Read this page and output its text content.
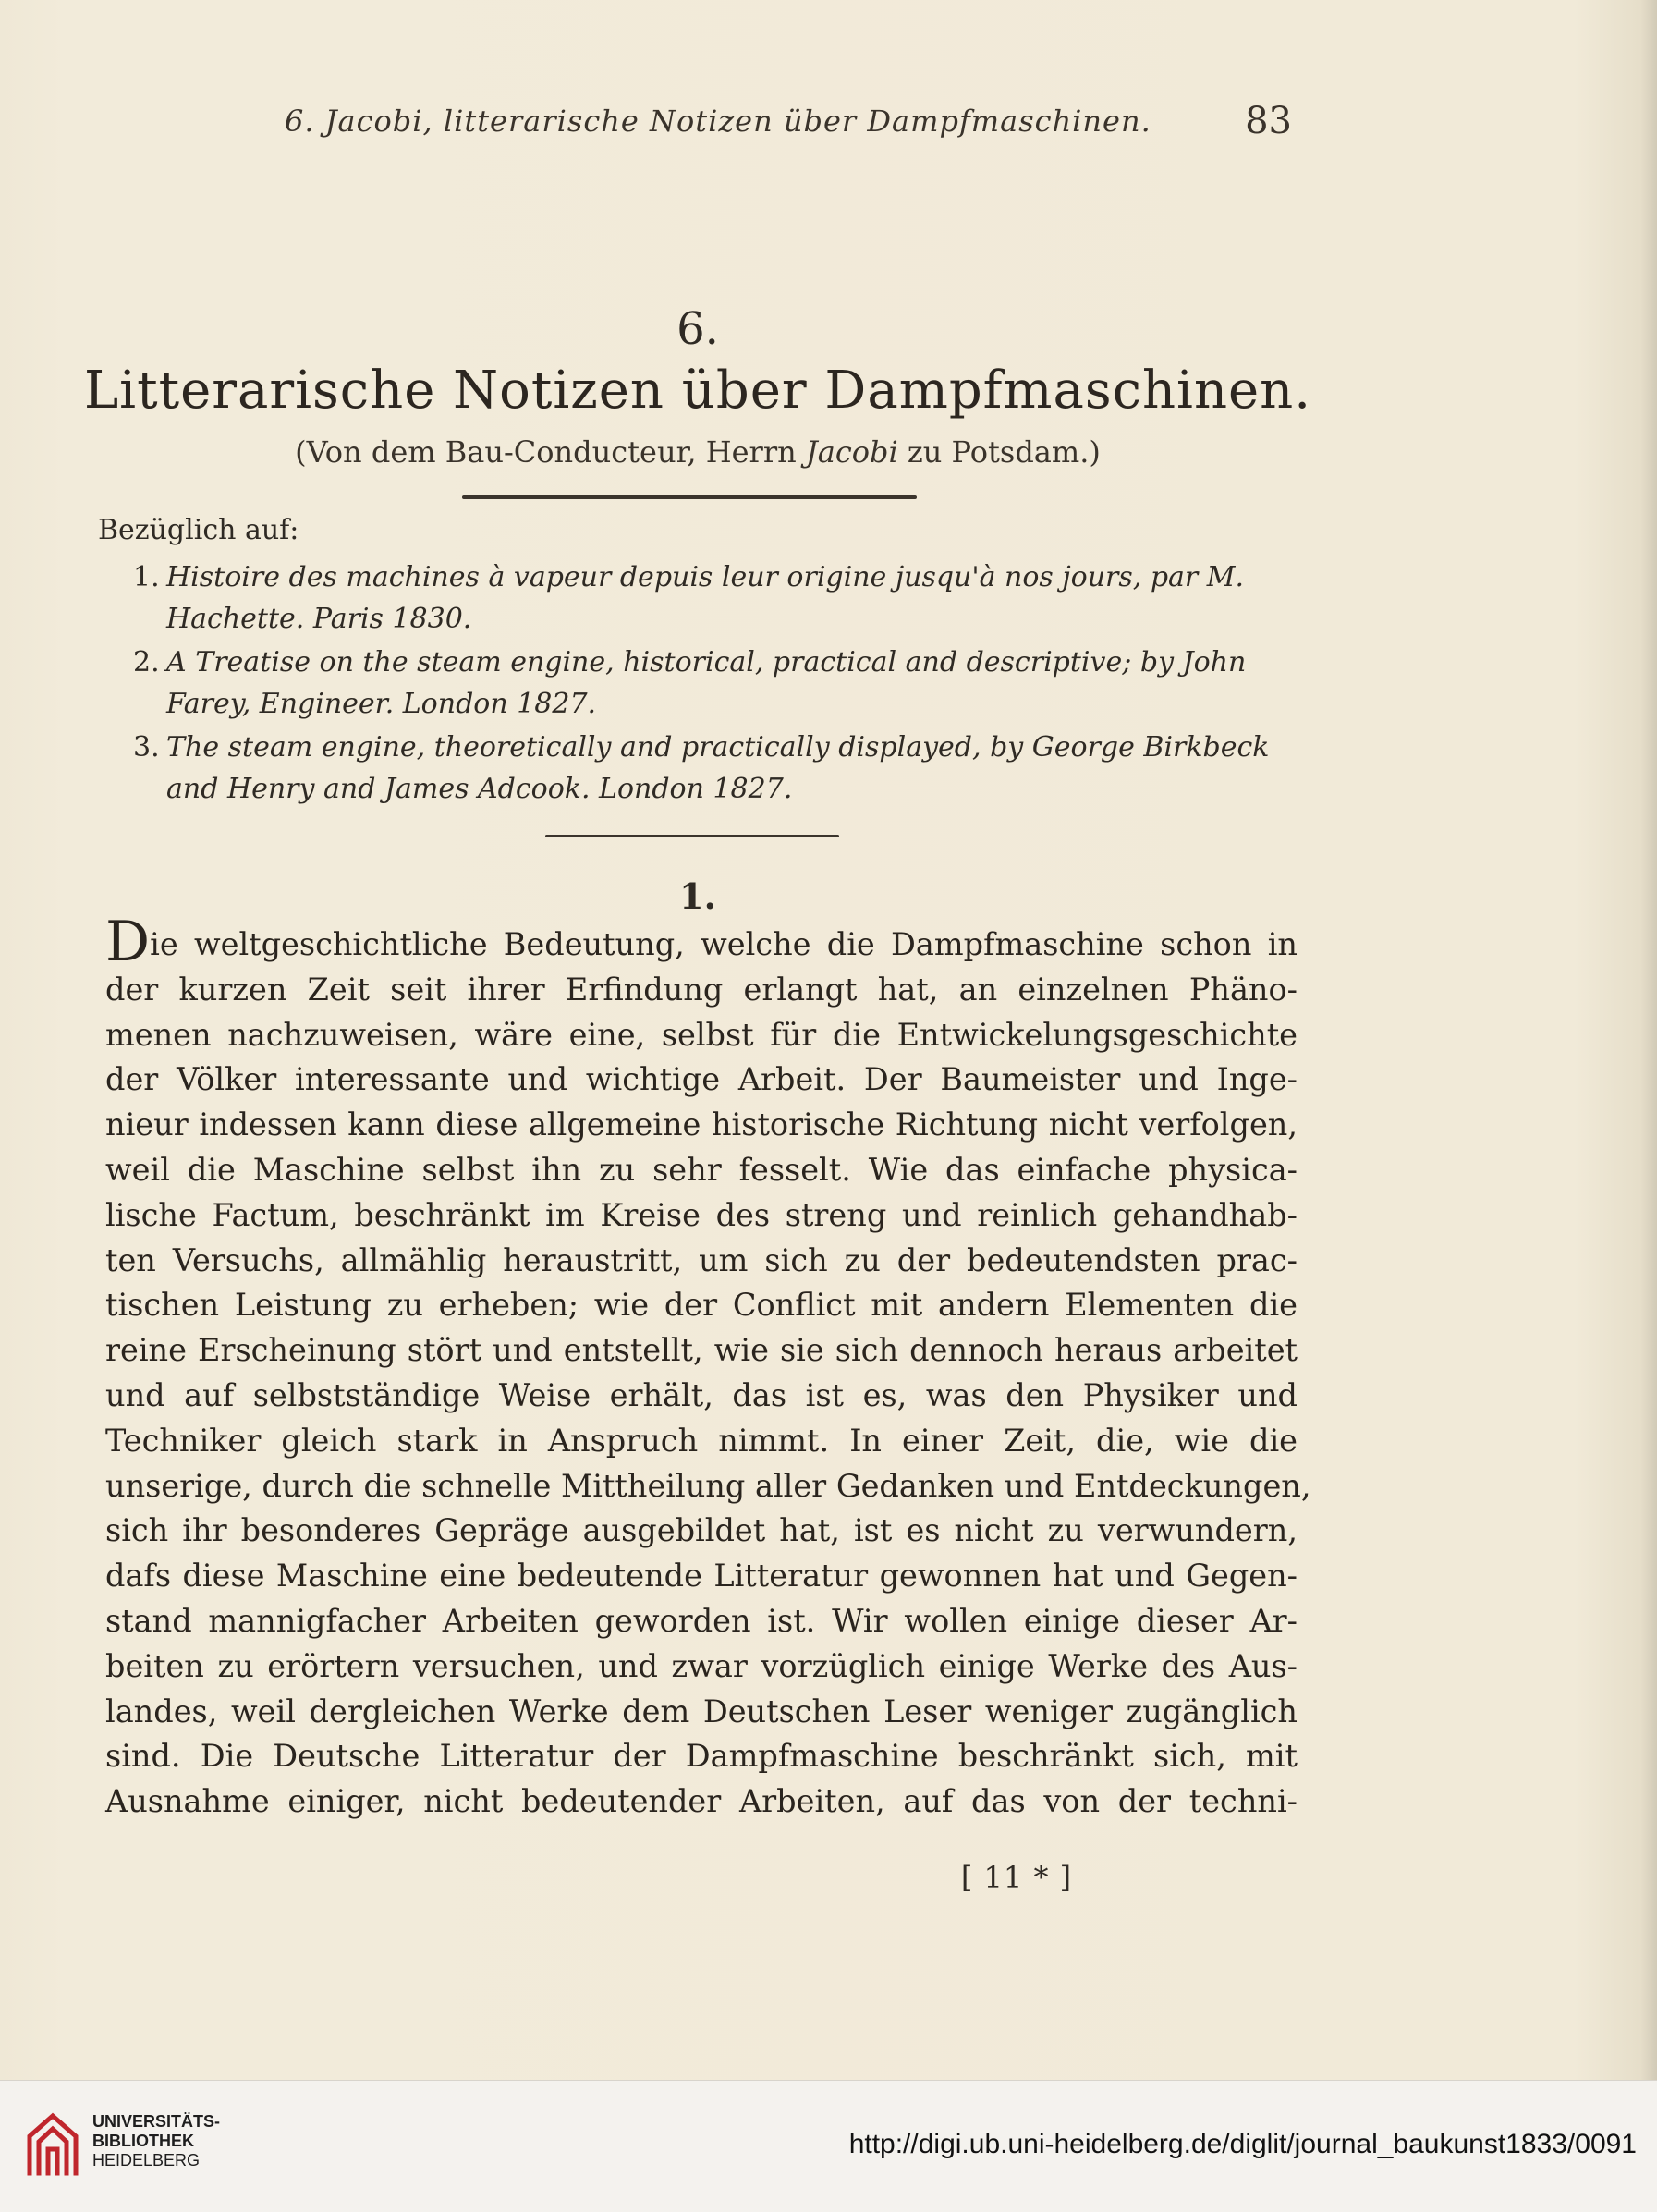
6. Jacobi, litterarische Notizen über Dampfmaschinen.	83
6.
Litterarische Notizen über Dampfmaschinen.
(Von dem Bau-Conducteur, Herrn Jacobi zu Potsdam.)
Bezüglich auf:
1. Histoire des machines à vapeur depuis leur origine jusqu'à nos jours, par M. Hachette. Paris 1830.
2. A Treatise on the steam engine, historical, practical and descriptive; by John Farey, Engineer. London 1827.
3. The steam engine, theoretically and practically displayed, by George Birkbeck and Henry and James Adcook. London 1827.
1.
Die weltgeschichtliche Bedeutung, welche die Dampfmaschine schon in
der kurzen Zeit seit ihrer Erfindung erlangt hat, an einzelnen Phäno-
menen nachzuweisen, wäre eine, selbst für die Entwickelungsgeschichte
der Völker interessante und wichtige Arbeit. Der Baumeister und Inge-
nieur indessen kann diese allgemeine historische Richtung nicht verfolgen,
weil die Maschine selbst ihn zu sehr fesselt. Wie das einfache physica-
lische Factum, beschränkt im Kreise des streng und reinlich gehandhab-
ten Versuchs, allmählig heraustritt, um sich zu der bedeutendsten prac-
tischen Leistung zu erheben; wie der Conflict mit andern Elementen die
reine Erscheinung stört und entstellt, wie sie sich dennoch heraus arbeitet
und auf selbstständige Weise erhält, das ist es, was den Physiker und
Techniker gleich stark in Anspruch nimmt. In einer Zeit, die, wie die
unserige, durch die schnelle Mittheilung aller Gedanken und Entdeckungen,
sich ihr besonderes Gepräge ausgebildet hat, ist es nicht zu verwundern,
dafs diese Maschine eine bedeutende Litteratur gewonnen hat und Gegen-
stand mannigfacher Arbeiten geworden ist. Wir wollen einige dieser Ar-
beiten zu erörtern versuchen, und zwar vorzüglich einige Werke des Aus-
landes, weil dergleichen Werke dem Deutschen Leser weniger zugänglich
sind. Die Deutsche Litteratur der Dampfmaschine beschränkt sich, mit
Ausnahme einiger, nicht bedeutender Arbeiten, auf das von der techni-
[ 11 * ]
UNIVERSITÄTS-
BIBLIOTHEK
HEIDELBERG
http://digi.ub.uni-heidelberg.de/diglit/journal_baukunst1833/0091
